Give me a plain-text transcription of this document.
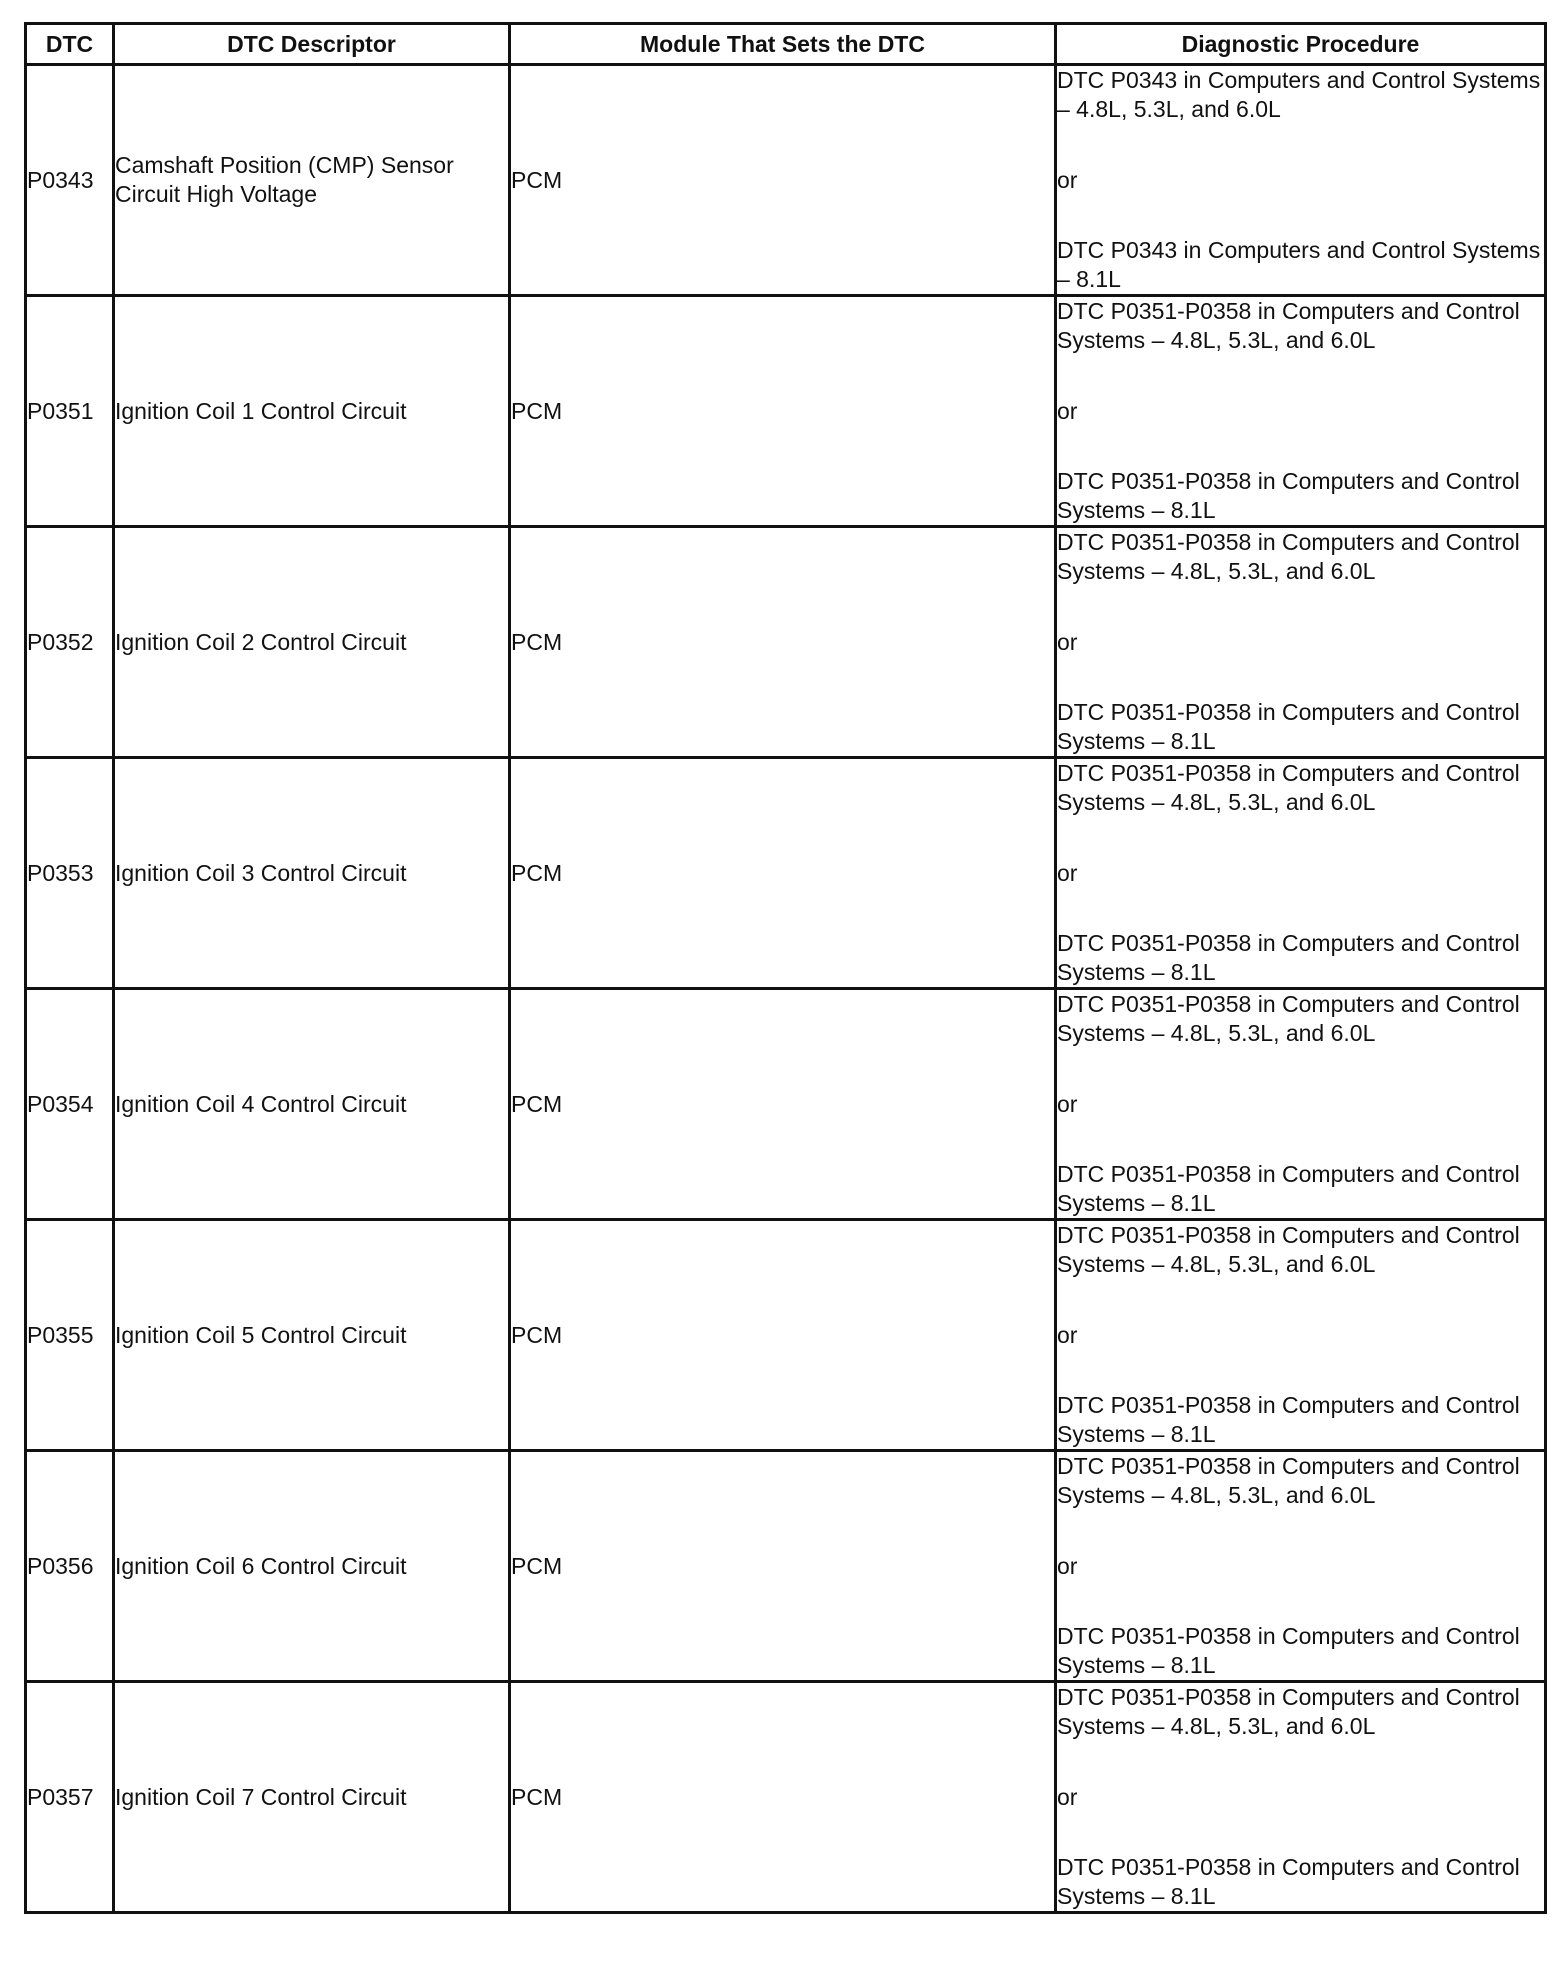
DTC	DTC Descriptor	Module That Sets the DTC	Diagnostic Procedure
P0343	Camshaft Position (CMP) Sensor Circuit High Voltage	PCM	DTC P0343 in Computers and Control Systems – 4.8L, 5.3L, and 6.0L
or
DTC P0343 in Computers and Control Systems – 8.1L

P0351	Ignition Coil 1 Control Circuit	PCM	DTC P0351-P0358 in Computers and Control Systems – 4.8L, 5.3L, and 6.0L
or
DTC P0351-P0358 in Computers and Control Systems – 8.1L

P0352	Ignition Coil 2 Control Circuit	PCM	DTC P0351-P0358 in Computers and Control Systems – 4.8L, 5.3L, and 6.0L
or
DTC P0351-P0358 in Computers and Control Systems – 8.1L

P0353	Ignition Coil 3 Control Circuit	PCM	DTC P0351-P0358 in Computers and Control Systems – 4.8L, 5.3L, and 6.0L
or
DTC P0351-P0358 in Computers and Control Systems – 8.1L

P0354	Ignition Coil 4 Control Circuit	PCM	DTC P0351-P0358 in Computers and Control Systems – 4.8L, 5.3L, and 6.0L
or
DTC P0351-P0358 in Computers and Control Systems – 8.1L

P0355	Ignition Coil 5 Control Circuit	PCM	DTC P0351-P0358 in Computers and Control Systems – 4.8L, 5.3L, and 6.0L
or
DTC P0351-P0358 in Computers and Control Systems – 8.1L

P0356	Ignition Coil 6 Control Circuit	PCM	DTC P0351-P0358 in Computers and Control Systems – 4.8L, 5.3L, and 6.0L
or
DTC P0351-P0358 in Computers and Control Systems – 8.1L

P0357	Ignition Coil 7 Control Circuit	PCM	DTC P0351-P0358 in Computers and Control Systems – 4.8L, 5.3L, and 6.0L
or
DTC P0351-P0358 in Computers and Control Systems – 8.1L
